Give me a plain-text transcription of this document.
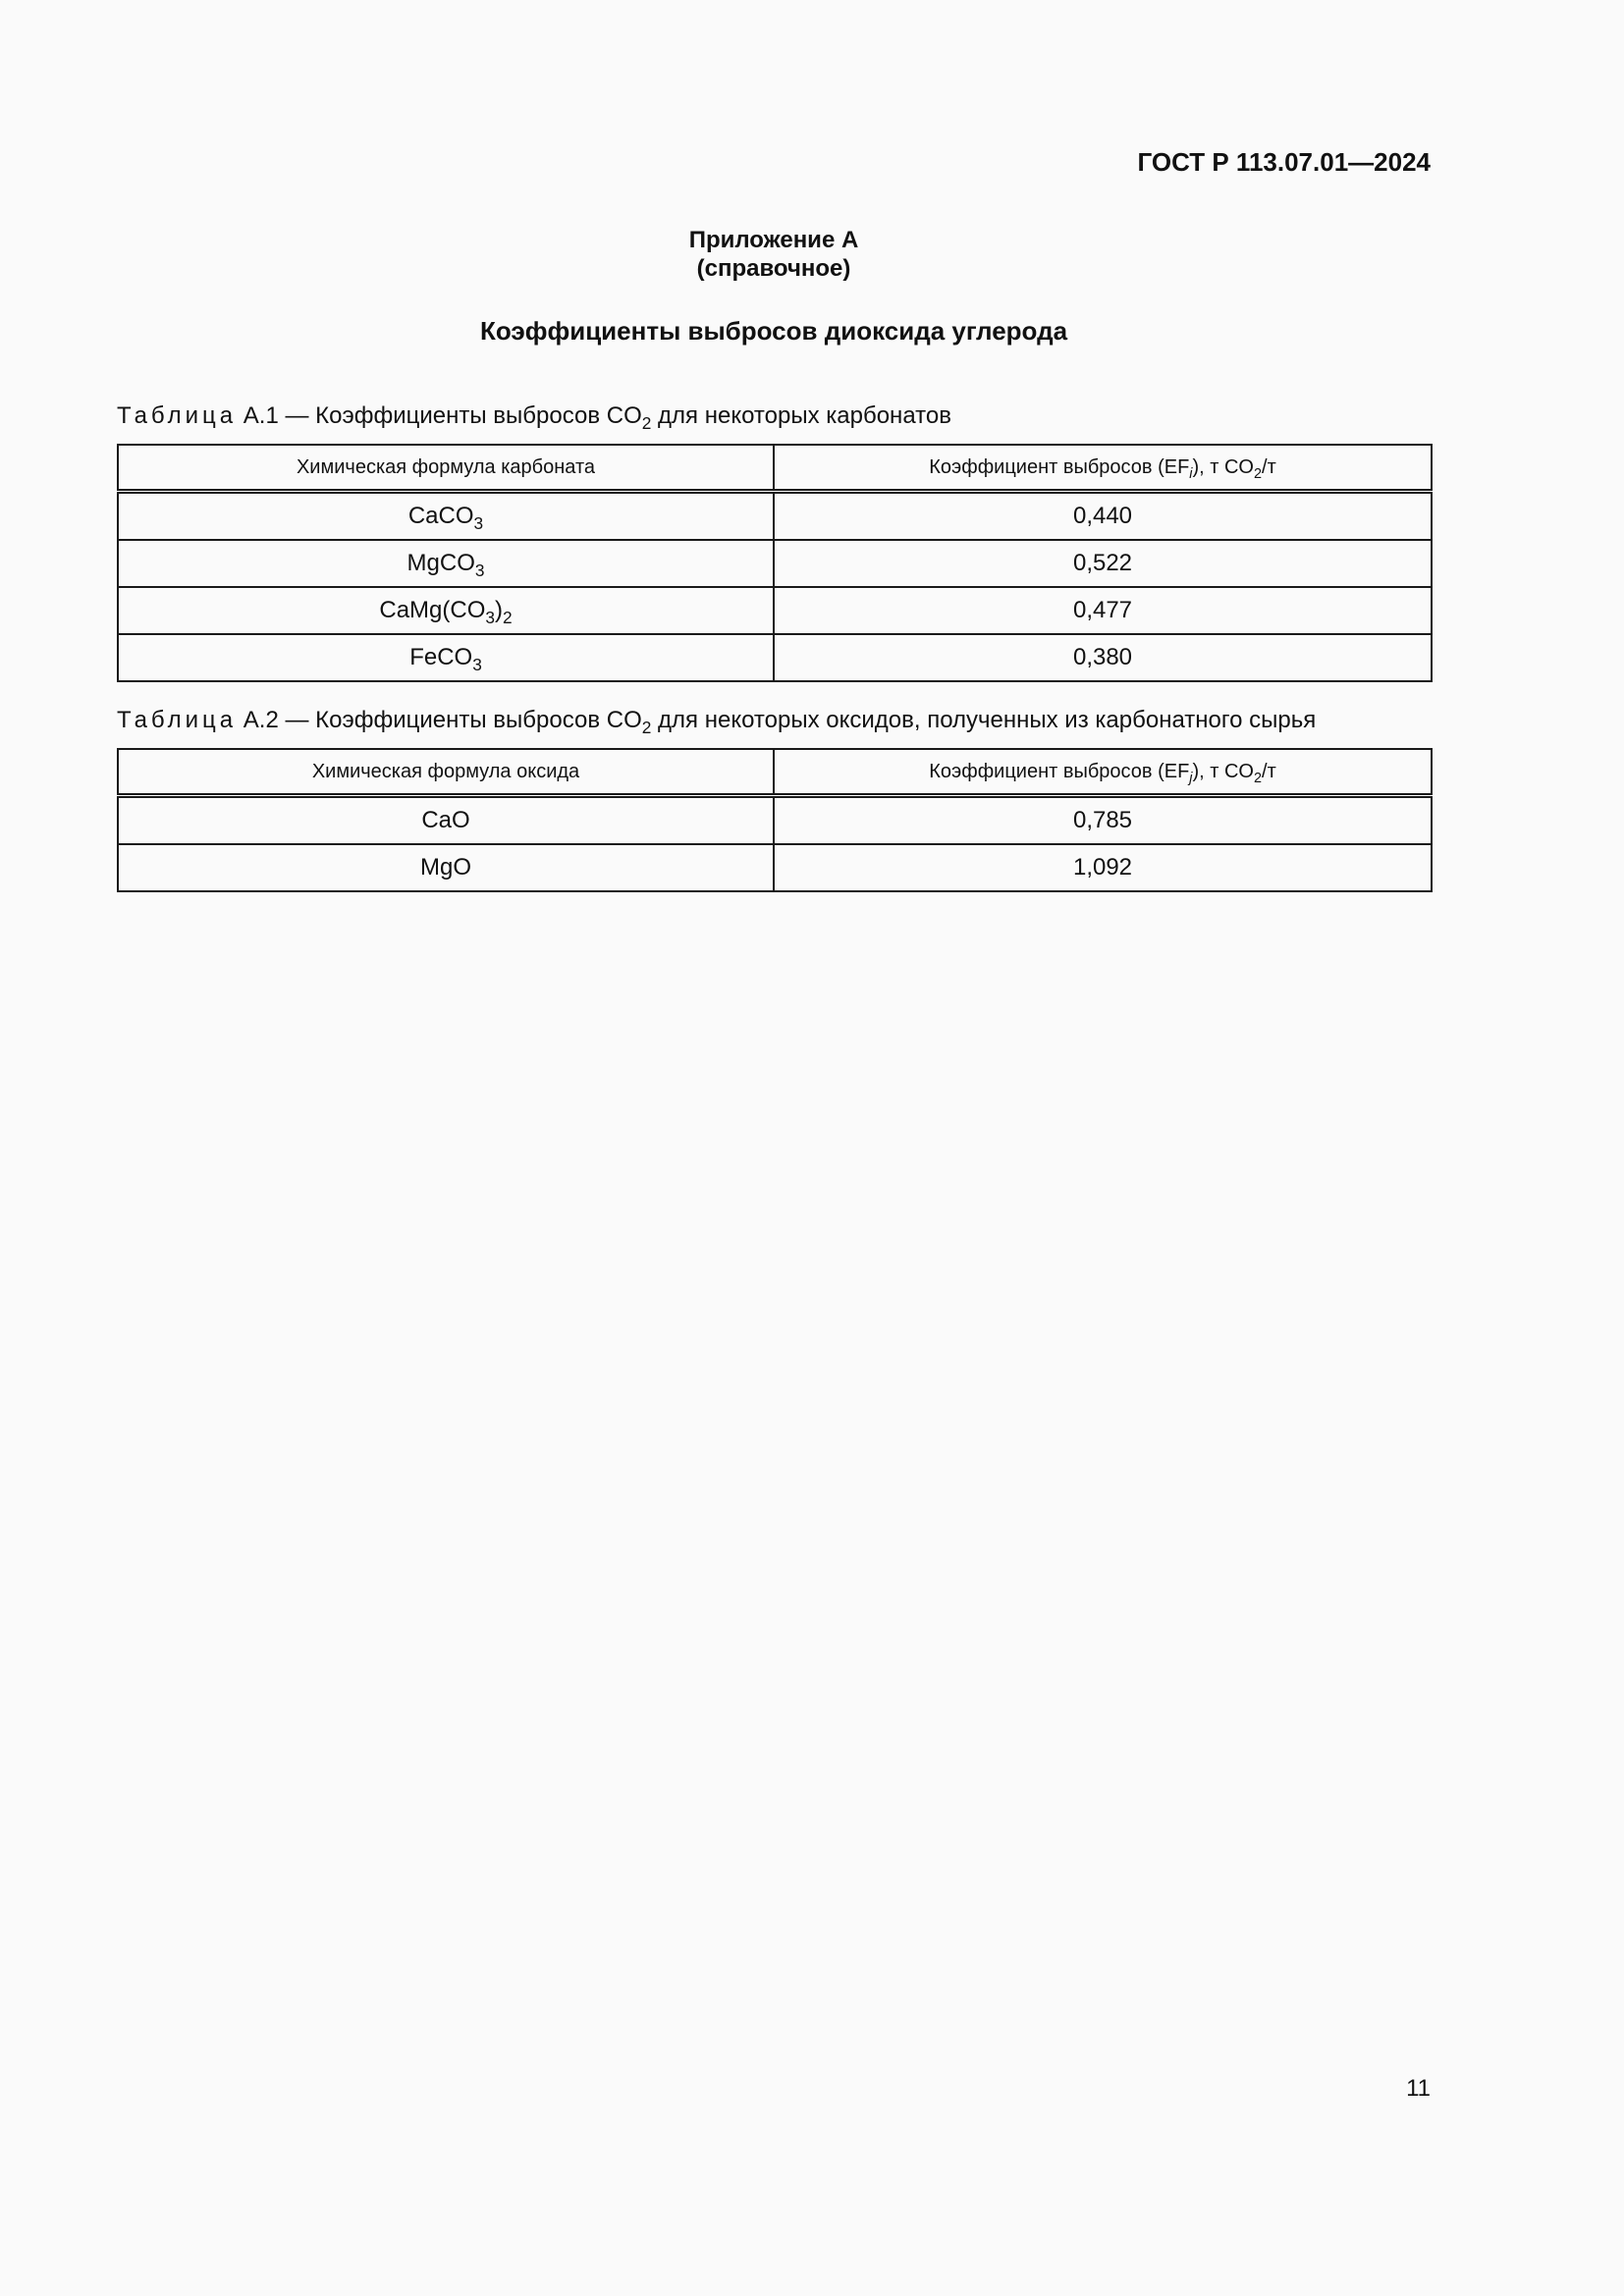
ГОСТ Р 113.07.01—2024
Приложение А
(справочное)
Коэффициенты выбросов диоксида углерода
Таблица А.1 — Коэффициенты выбросов $CO_2$ для некоторых карбонатов
Химическая формула карбоната	Коэффициент выбросов $(EF_i)$, т $CO_2/т$
CaCO$_3$	0,440
MgCO$_3$	0,522
$CaMg(CO_3)_2$	0,477
FeCO$_3$	0,380
Таблица А.2 — Коэффициенты выбросов $CO_2$ для некоторых оксидов, полученных из карбонатного сырья
Химическая формула оксида	Коэффициент выбросов $(EF_j)$, т $CO_2/т$
CaO	0,785
MgO	1,092
11
